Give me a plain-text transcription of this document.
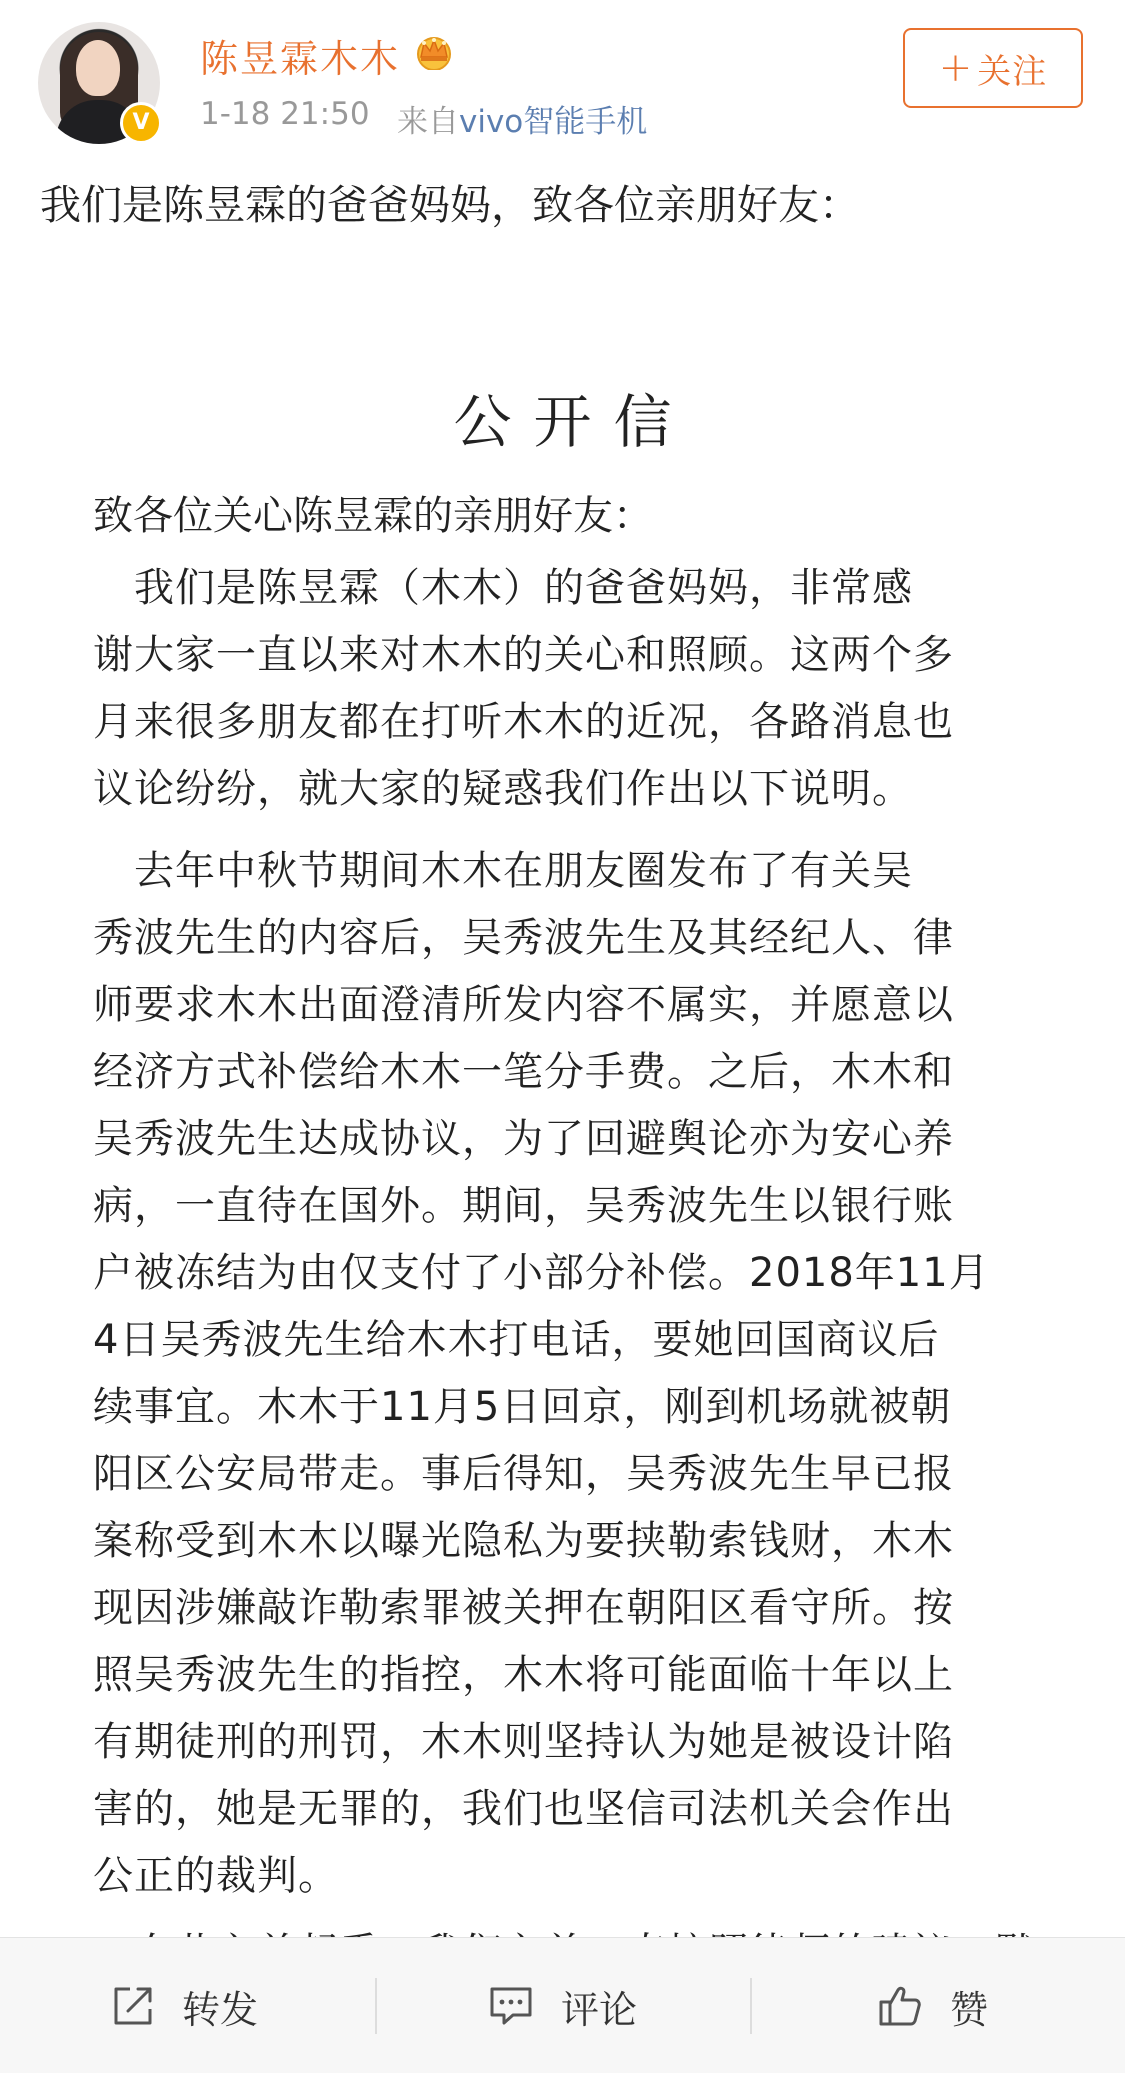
V
陈昱霖木木
1-18 21:50 来自vivo智能手机
+ 关注
我们是陈昱霖的爸爸妈妈，致各位亲朋好友：
公开信
致各位关心陈昱霖的亲朋好友：
　我们是陈昱霖（木木）的爸爸妈妈，非常感
谢大家一直以来对木木的关心和照顾。这两个多
月来很多朋友都在打听木木的近况，各路消息也
议论纷纷，就大家的疑惑我们作出以下说明。
　去年中秋节期间木木在朋友圈发布了有关吴
秀波先生的内容后，吴秀波先生及其经纪人、律
师要求木木出面澄清所发内容不属实，并愿意以
经济方式补偿给木木一笔分手费。之后，木木和
吴秀波先生达成协议，为了回避舆论亦为安心养
病，一直待在国外。期间，吴秀波先生以银行账
户被冻结为由仅支付了小部分补偿。2018年11月
4日吴秀波先生给木木打电话，要她回国商议后
续事宜。木木于11月5日回京，刚到机场就被朝
阳区公安局带走。事后得知，吴秀波先生早已报
案称受到木木以曝光隐私为要挟勒索钱财，木木
现因涉嫌敲诈勒索罪被关押在朝阳区看守所。按
照吴秀波先生的指控，木木将可能面临十年以上
有期徒刑的刑罚，木木则坚持认为她是被设计陷
害的，她是无罪的，我们也坚信司法机关会作出
公正的裁判。
转发	评论	赞
